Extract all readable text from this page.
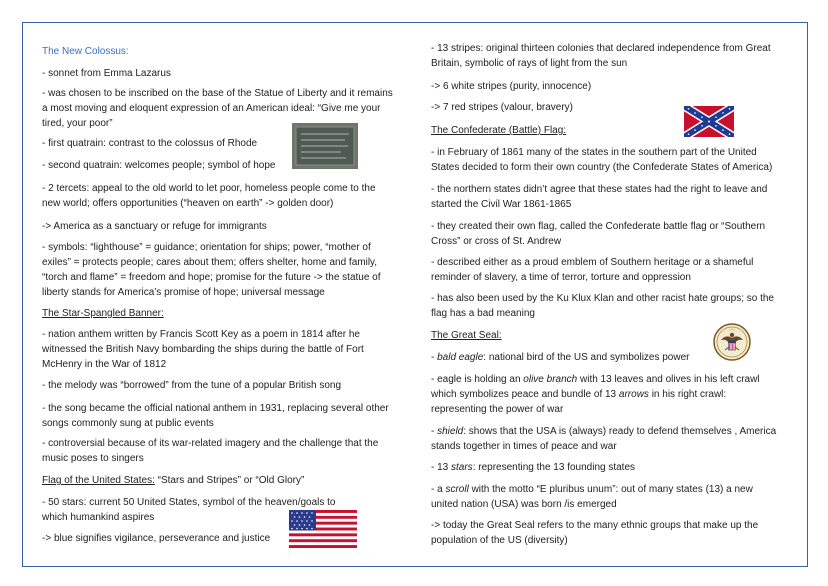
The New Colossus:

- sonnet from Emma Lazarus

- was chosen to be inscribed on the base of the Statue of Liberty and it remains a most moving and eloquent expression of an American ideal: “Give me your tired, your poor”

- first quatrain: contrast to the colossus of Rhode

- second quatrain: welcomes people; symbol of hope

- 2 tercets: appeal to the old world to let poor, homeless people come to the new world; offers opportunities (“heaven on earth” -> golden door)

-> America as a sanctuary or refuge for immigrants

- symbols: “lighthouse” = guidance; orientation for ships; power, “mother of exiles” = protects people; cares about them; offers shelter, home and family, “torch and flame” = freedom and hope; promise for the future -> the statue of liberty stands for America’s promise of hope; universal message

The Star-Spangled Banner:

- nation anthem written by Francis Scott Key as a poem in 1814 after he witnessed the British Navy bombarding the ships during the battle of Fort McHenry in the War of 1812

- the melody was “borrowed” from the tune of a popular British song

- the song became the official national anthem in 1931, replacing several other songs commonly sung at public events

- controversial because of its war-related imagery and the challenge that the music poses to singers

Flag of the United States: “Stars and Stripes” or “Old Glory”

- 50 stars: current 50 United States, symbol of the heaven/goals to which humankind aspires

-> blue signifies vigilance, perseverance and justice

- 13 stripes: original thirteen colonies that declared independence from Great Britain, symbolic of rays of light from the sun

-> 6 white stripes (purity, innocence)

-> 7 red stripes (valour, bravery)

The Confederate (Battle) Flag:

- in February of 1861 many of the states in the southern part of the United States decided to form their own country (the Confederate States of America)

- the northern states didn’t agree that these states had the right to leave and started the Civil War 1861-1865

- they created their own flag, called the Confederate battle flag or “Southern Cross” or cross of St. Andrew

- described either as a proud emblem of Southern heritage or a shameful reminder of slavery, a time of terror, torture and oppression

- has also been used by the Ku Klux Klan and other racist hate groups; so the flag has a bad meaning

The Great Seal:

- bald eagle: national bird of the US and symbolizes power

- eagle is holding an olive branch with 13 leaves and olives in his left crawl which symbolizes peace and bundle of 13 arrows in his right crawl: representing the power of war

- shield: shows that the USA is (always) ready to defend themselves , America stands together in times of peace and war

- 13 stars: representing the 13 founding states

- a scroll with the motto “E pluribus unum”: out of many states (13) a new united nation (USA) was born /is emerged

-> today the Great Seal refers to the many ethnic groups that make up the population of the US (diversity)
